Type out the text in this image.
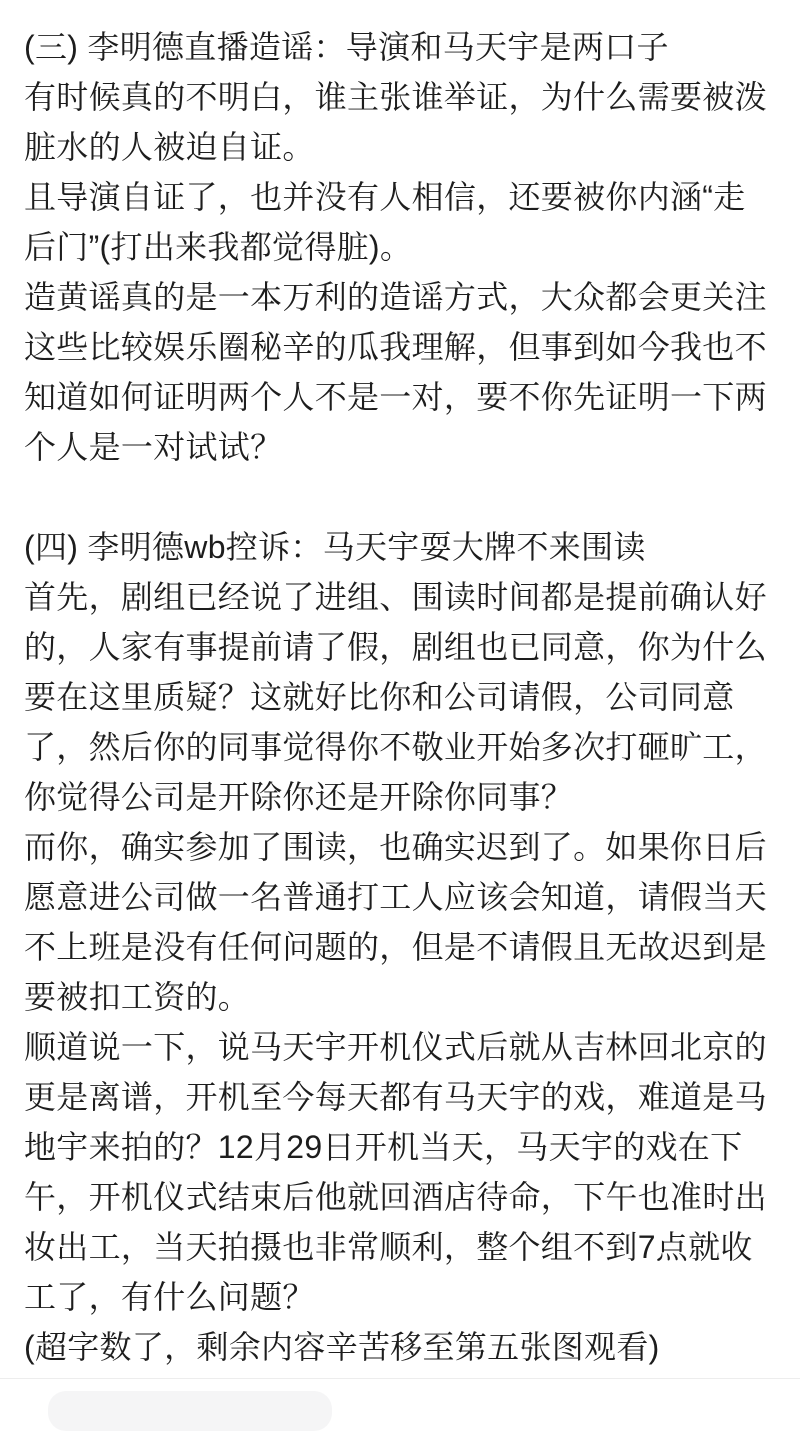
(三) 李明德直播造谣：导演和马天宇是两口子
有时候真的不明白，谁主张谁举证，为什么需要被泼
脏水的人被迫自证。
且导演自证了，也并没有人相信，还要被你内涵“走
后门”(打出来我都觉得脏)。
造黄谣真的是一本万利的造谣方式，大众都会更关注
这些比较娱乐圈秘辛的瓜我理解，但事到如今我也不
知道如何证明两个人不是一对，要不你先证明一下两
个人是一对试试？
(四) 李明德wb控诉：马天宇耍大牌不来围读
首先，剧组已经说了进组、围读时间都是提前确认好
的，人家有事提前请了假，剧组也已同意，你为什么
要在这里质疑？这就好比你和公司请假，公司同意
了，然后你的同事觉得你不敬业开始多次打砸旷工，
你觉得公司是开除你还是开除你同事？
而你，确实参加了围读，也确实迟到了。如果你日后
愿意进公司做一名普通打工人应该会知道，请假当天
不上班是没有任何问题的，但是不请假且无故迟到是
要被扣工资的。
顺道说一下，说马天宇开机仪式后就从吉林回北京的
更是离谱，开机至今每天都有马天宇的戏，难道是马
地宇来拍的？12月29日开机当天，马天宇的戏在下
午，开机仪式结束后他就回酒店待命，下午也准时出
妆出工，当天拍摄也非常顺利，整个组不到7点就收
工了，有什么问题？
(超字数了，剩余内容辛苦移至第五张图观看)
